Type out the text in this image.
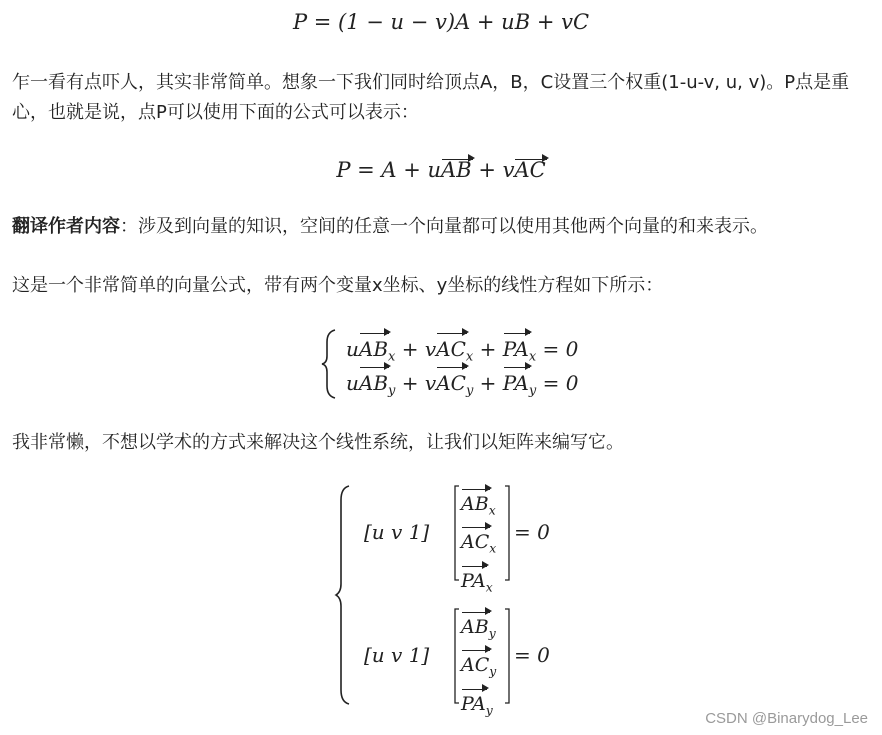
P = (1 − u − v)A + uB + vC
乍一看有点吓人，其实非常简单。想象一下我们同时给顶点A，B，C设置三个权重(1-u-v, u, v)。P点是重心，也就是说，点P可以使用下面的公式可以表示：
P = A + uAB + vAC
翻译作者内容：涉及到向量的知识，空间的任意一个向量都可以使用其他两个向量的和来表示。
这是一个非常简单的向量公式，带有两个变量x坐标、y坐标的线性方程如下所示：
$uAB_x + vAC_x + PA_x = 0$
$uAB_y + vAC_y + PA_y = 0$
我非常懒，不想以学术的方式来解决这个线性系统，让我们以矩阵来编写它。
[u v 1]
$AB_x$
$AC_x$
$PA_x$
= 0
[u v 1]
$AB_y$
$AC_y$
$PA_y$
= 0
CSDN @Binarydog_Lee
